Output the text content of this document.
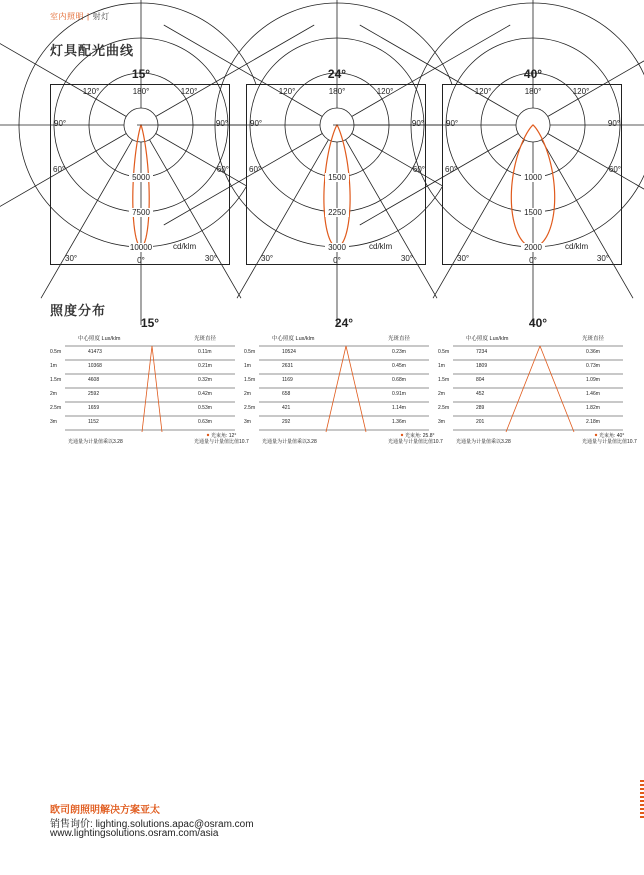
室内照明 | 射灯
灯具配光曲线
15°	24°	40°
180°
120°	120°
90°	90°
60°	60°
30°	30°
0°
5000
7500
10000	cd/klm
180°
120°	120°
90°	90°
60°	60°
30°	30°
0°
1500
2250
3000	cd/klm
180°
120°	120°
90°	90°
60°	60°
30°	30°
0°
1000
1500
2000	cd/klm
照度分布
15°	24°	40°
中心照度 Lux/klm	光斑直径
0.5m	41473	0.11m
1m	10368	0.21m
1.5m	4608	0.32m
2m	2592	0.42m
2.5m	1659	0.53m
3m	1152	0.63m
光束角: 12°
光通量为计量值乘以3.28	光通量与计量值比值10.7
中心照度 Lux/klm	光斑直径
0.5m	10524	0.23m
1m	2631	0.45m
1.5m	1169	0.68m
2m	658	0.91m
2.5m	421	1.14m
3m	292	1.36m
光束角: 25.8°
光通量为计量值乘以3.28	光通量与计量值比值10.7
中心照度 Lux/klm	光斑直径
0.5m	7234	0.36m
1m	1809	0.73m
1.5m	804	1.09m
2m	452	1.46m
2.5m	289	1.82m
3m	201	2.18m
光束角: 40°
光通量为计量值乘以3.28	光通量与计量值比值10.7
欧司朗照明解决方案亚太
销售询价: lighting.solutions.apac@osram.com
www.lightingsolutions.osram.com/asia
